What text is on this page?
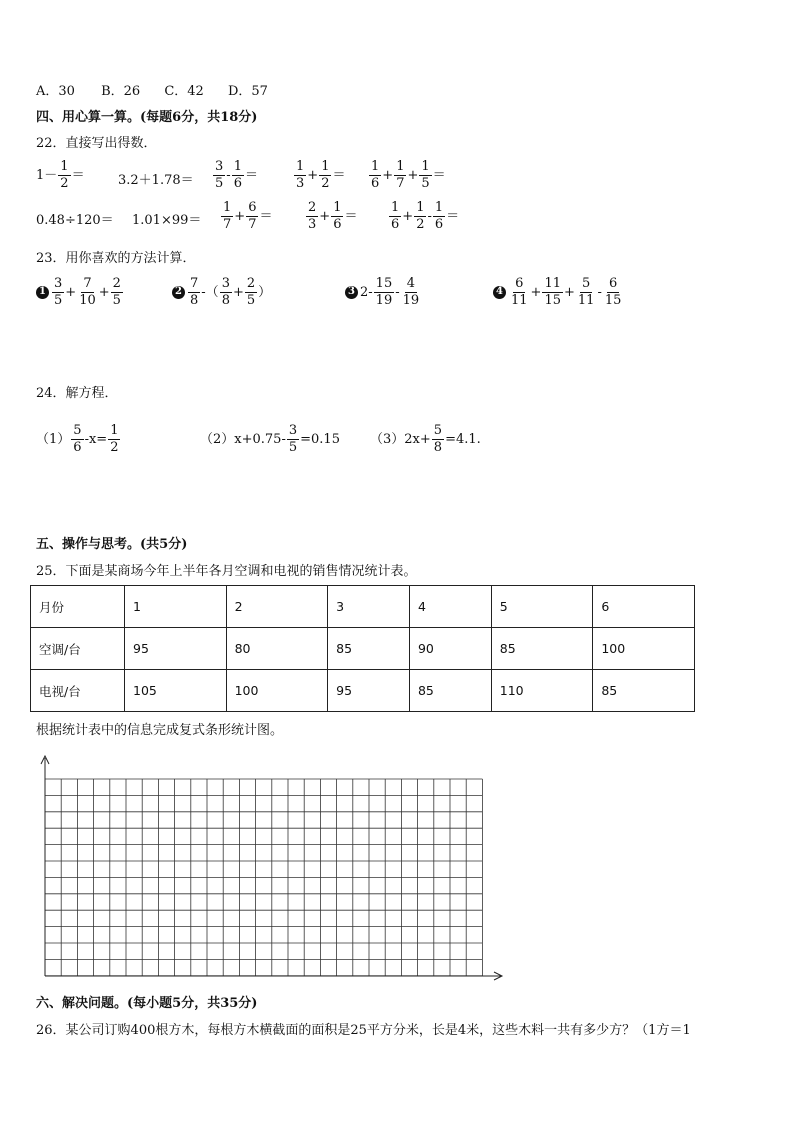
A．30 B．26 C．42 D．57
四、用心算一算。(每题6分，共18分)
22．直接写出得数．
$1- \frac{1}{2}$ ＝	$3.2+1.78= \frac{3}{5} - \frac{1}{6}$ ＝	$\frac{1}{3} + \frac{1}{2} = \frac{1}{6} + \frac{1}{7} + \frac{1}{5}$ ＝
$0.48\div 120= 1.01\times 99= \frac{1}{7} + \frac{6}{7}$ ＝	$\frac{2}{3} + \frac{1}{6} = \frac{1}{6} + \frac{1}{2} - \frac{1}{6}$ ＝
23．用你喜欢的方法计算．
$1 \frac{3}{5} + \frac{7}{10} + \frac{2}{5}$	$2 \frac{7}{8}$ -（ $\frac{3}{8} + \frac{2}{5}$ ）	3 $2- \frac{15}{19} - \frac{4}{19}$	$4 \frac{6}{11} + \frac{11}{15} + \frac{5}{11} - \frac{6}{15}$
24．解方程．
$(1) \frac{5}{6} -x= \frac{1}{2}$	$(2)x+0.75- \frac{3}{5} =0.15$ $(3)2x+ \frac{5}{8} =4.1$.
五、操作与思考。(共5分)
25．下面是某商场今年上半年各月空调和电视的销售情况统计表。
月份	1	2	3	4	5	6
空调/台	95	80	85	90	85	100
电视/台	105	100	95	85	110	85
根据统计表中的信息完成复式条形统计图。
六、解决问题。(每小题5分，共35分)
26．某公司订购400根方木，每根方木横截面的面积是25平方分米，长是4米，这些木料一共有多少方？（1方＝1
